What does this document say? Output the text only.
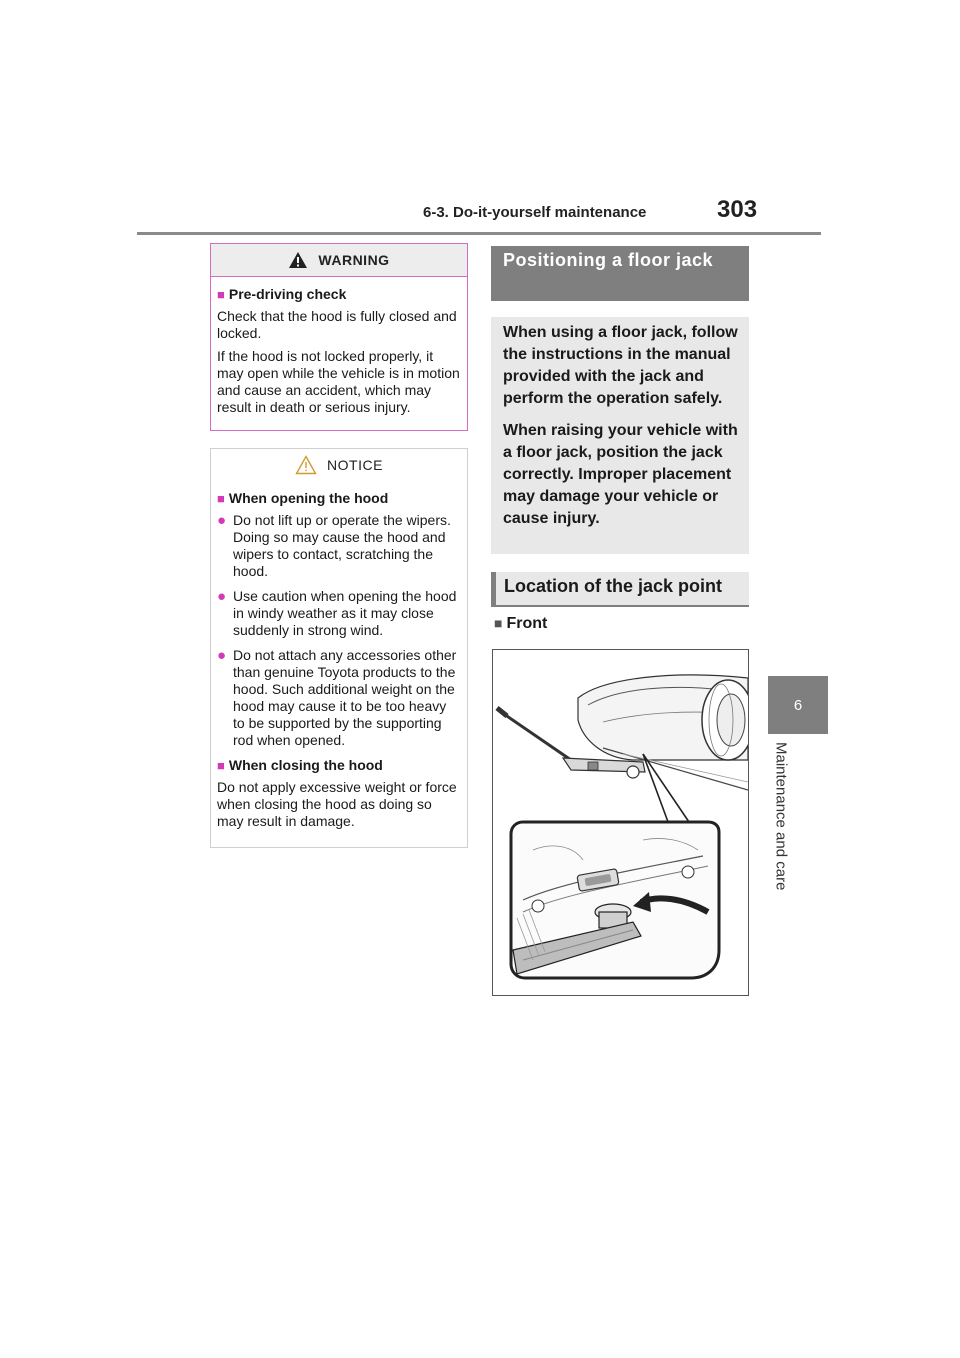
6-3. Do-it-yourself maintenance	303
6
Maintenance and care
WARNING
■ Pre-driving check

Check that the hood is fully closed and locked.

If the hood is not locked properly, it may open while the vehicle is in motion and cause an accident, which may result in death or serious injury.

NOTICE
■ When opening the hood
● Do not lift up or operate the wipers. Doing so may cause the hood and wipers to contact, scratching the hood.
● Use caution when opening the hood in windy weather as it may close suddenly in strong wind.
● Do not attach any accessories other than genuine Toyota products to the hood. Such additional weight on the hood may cause it to be too heavy to be supported by the supporting rod when opened.
■ When closing the hood

Do not apply excessive weight or force when closing the hood as doing so may result in damage.

Positioning a floor jack

When using a floor jack, follow the instructions in the manual provided with the jack and perform the operation safely.

When raising your vehicle with a floor jack, position the jack correctly. Improper placement may damage your vehicle or cause injury.

Location of the jack point
■ Front
